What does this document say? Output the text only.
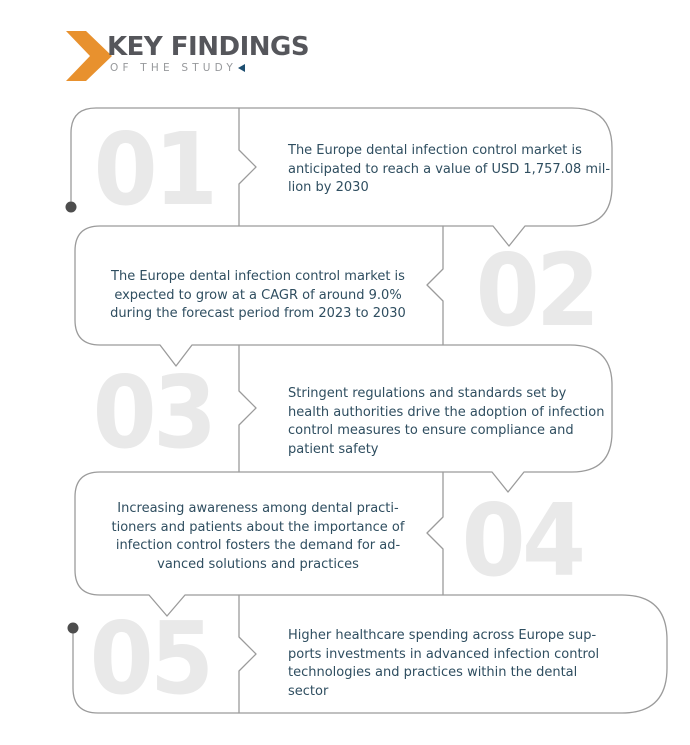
KEY FINDINGS
OF THE STUDY
01	The Europe dental infection control market is
anticipated to reach a value of USD 1,757.08 mil-
lion by 2030
02
The Europe dental infection control market is
expected to grow at a CAGR of around 9.0%
during the forecast period from 2023 to 2030
03	Stringent regulations and standards set by
health authorities drive the adoption of infection
control measures to ensure compliance and
patient safety
04
Increasing awareness among dental practi-
tioners and patients about the importance of
infection control fosters the demand for ad-
vanced solutions and practices
05	Higher healthcare spending across Europe sup-
ports investments in advanced infection control
technologies and practices within the dental
sector
